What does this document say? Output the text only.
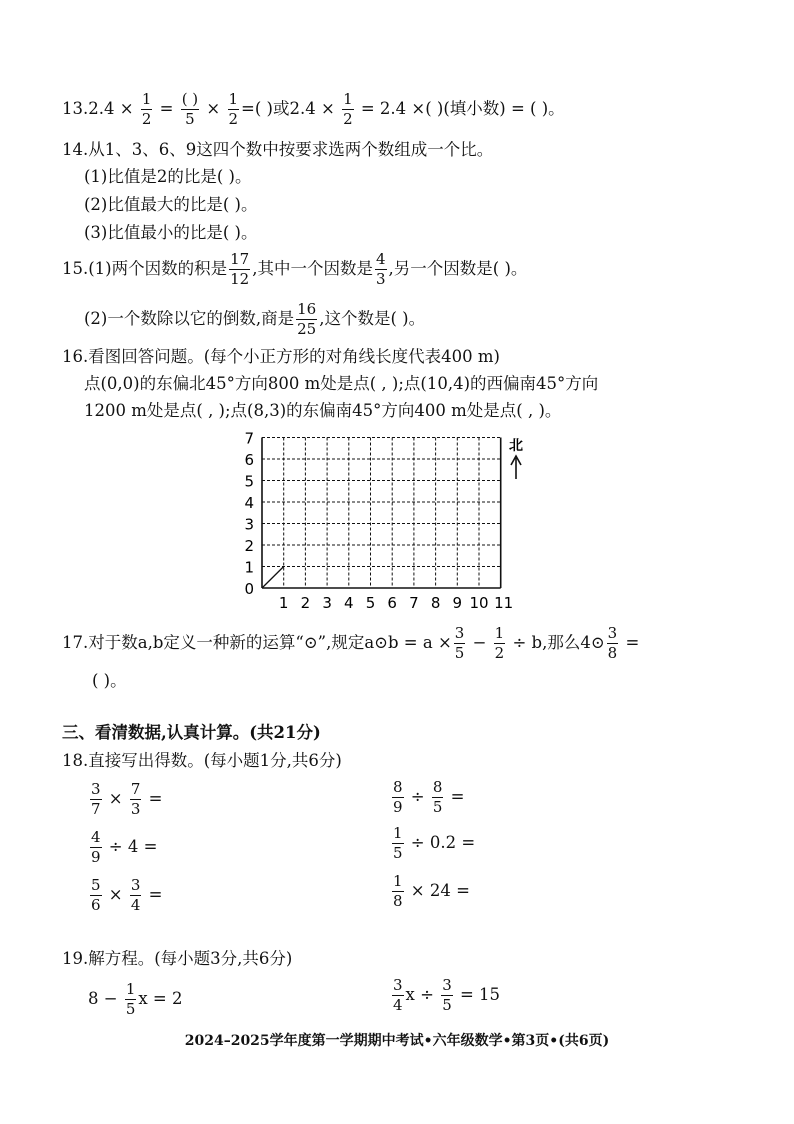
$13.2.4 \times \frac{1}{2} = \frac{( )}{5} \times \frac{1}{2}$ =( )或$2.4 \times \frac{1}{2} = 2.4$ ×( )(填小数) = ( )。
14.从1、3、6、9这四个数中按要求选两个数组成一个比。
(1)比值是2的比是( )。
(2)比值最大的比是( )。
(3)比值最小的比是( )。
15.(1)两个因数的积是 $\frac{17}{12}$ ,其中一个因数是 $\frac{4}{3}$ ,另一个因数是( )。
(2)一个数除以它的倒数,商是 $\frac{16}{25}$ ,这个数是( )。
16.看图回答问题。(每个小正方形的对角线长度代表400 m)
点(0,0)的东偏北45°方向800 m处是点( , );点(10,4)的西偏南45°方向
1200 m处是点( , );点(8,3)的东偏南45°方向400 m处是点( , )。
0
1
2
3
4
5
6
7
1 2 3 4 5 6 7 8 9 10 11
北
17.对于数a,b定义一种新的运算“⊙”,规定a⊙b = $a \times \frac{3}{5} - \frac{1}{2} \div b$,那么4⊙ $\frac{3}{8}$ =
( )。
三、看清数据,认真计算。(共21分)
18.直接写出得数。(每小题1分,共6分)
$\frac{3}{7} \times \frac{7}{3}$ =	$\frac{8}{9} \div \frac{8}{5}$ =
$\frac{4}{9} \div 4$ =	$\frac{1}{5} \div 0.2$ =
$\frac{5}{6} \times \frac{3}{4}$ =	$\frac{1}{8} \times 24$ =
19.解方程。(每小题3分,共6分)
$8 - \frac{1}{5}$ x = 2	$\frac{3}{4}$ $x \div \frac{3}{5} = 15$
2024–2025学年度第一学期期中考试•六年级数学•第3页•(共6页)
